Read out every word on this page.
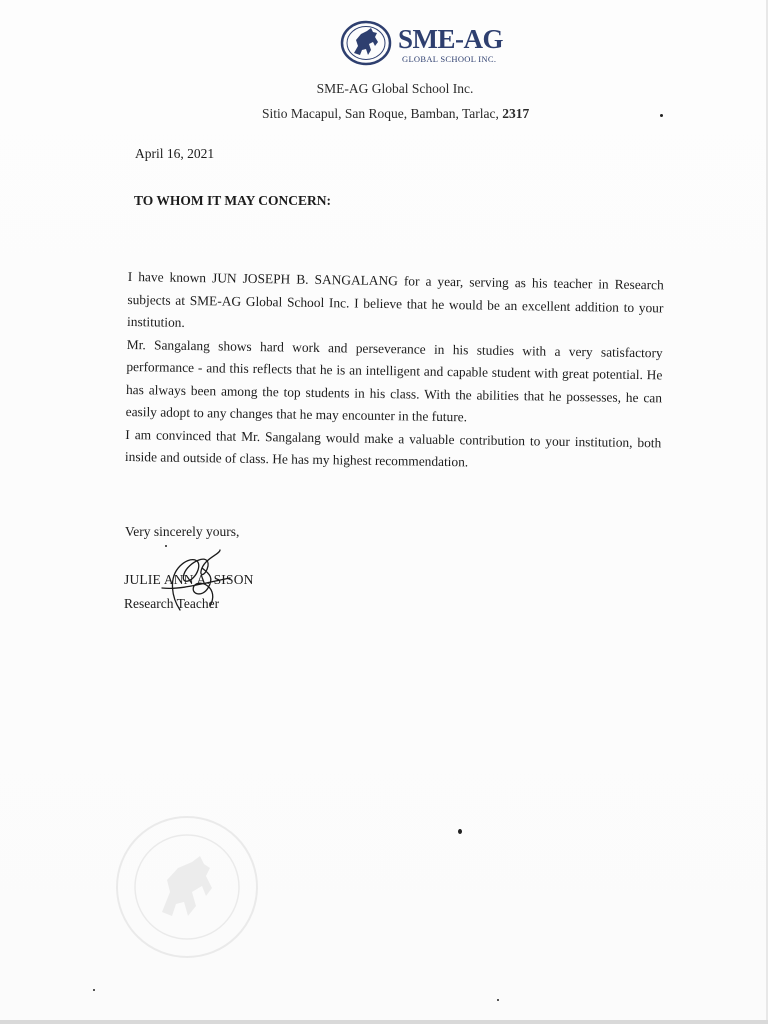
SME-AG
GLOBAL SCHOOL INC.
SME-AG Global School Inc.
Sitio Macapul, San Roque, Bamban, Tarlac, 2317
April 16, 2021
TO WHOM IT MAY CONCERN:

I have known JUN JOSEPH B. SANGALANG for a year, serving as his teacher in Research subjects at SME-AG Global School Inc. I believe that he would be an excellent addition to your institution.

Mr. Sangalang shows hard work and perseverance in his studies with a very satisfactory performance - and this reflects that he is an intelligent and capable student with great potential. He has always been among the top students in his class. With the abilities that he possesses, he can easily adopt to any changes that he may encounter in the future.

I am convinced that Mr. Sangalang would make a valuable contribution to your institution, both inside and outside of class. He has my highest recommendation.

Very sincerely yours,
JULIE ANN A. SISON
Research Teacher
